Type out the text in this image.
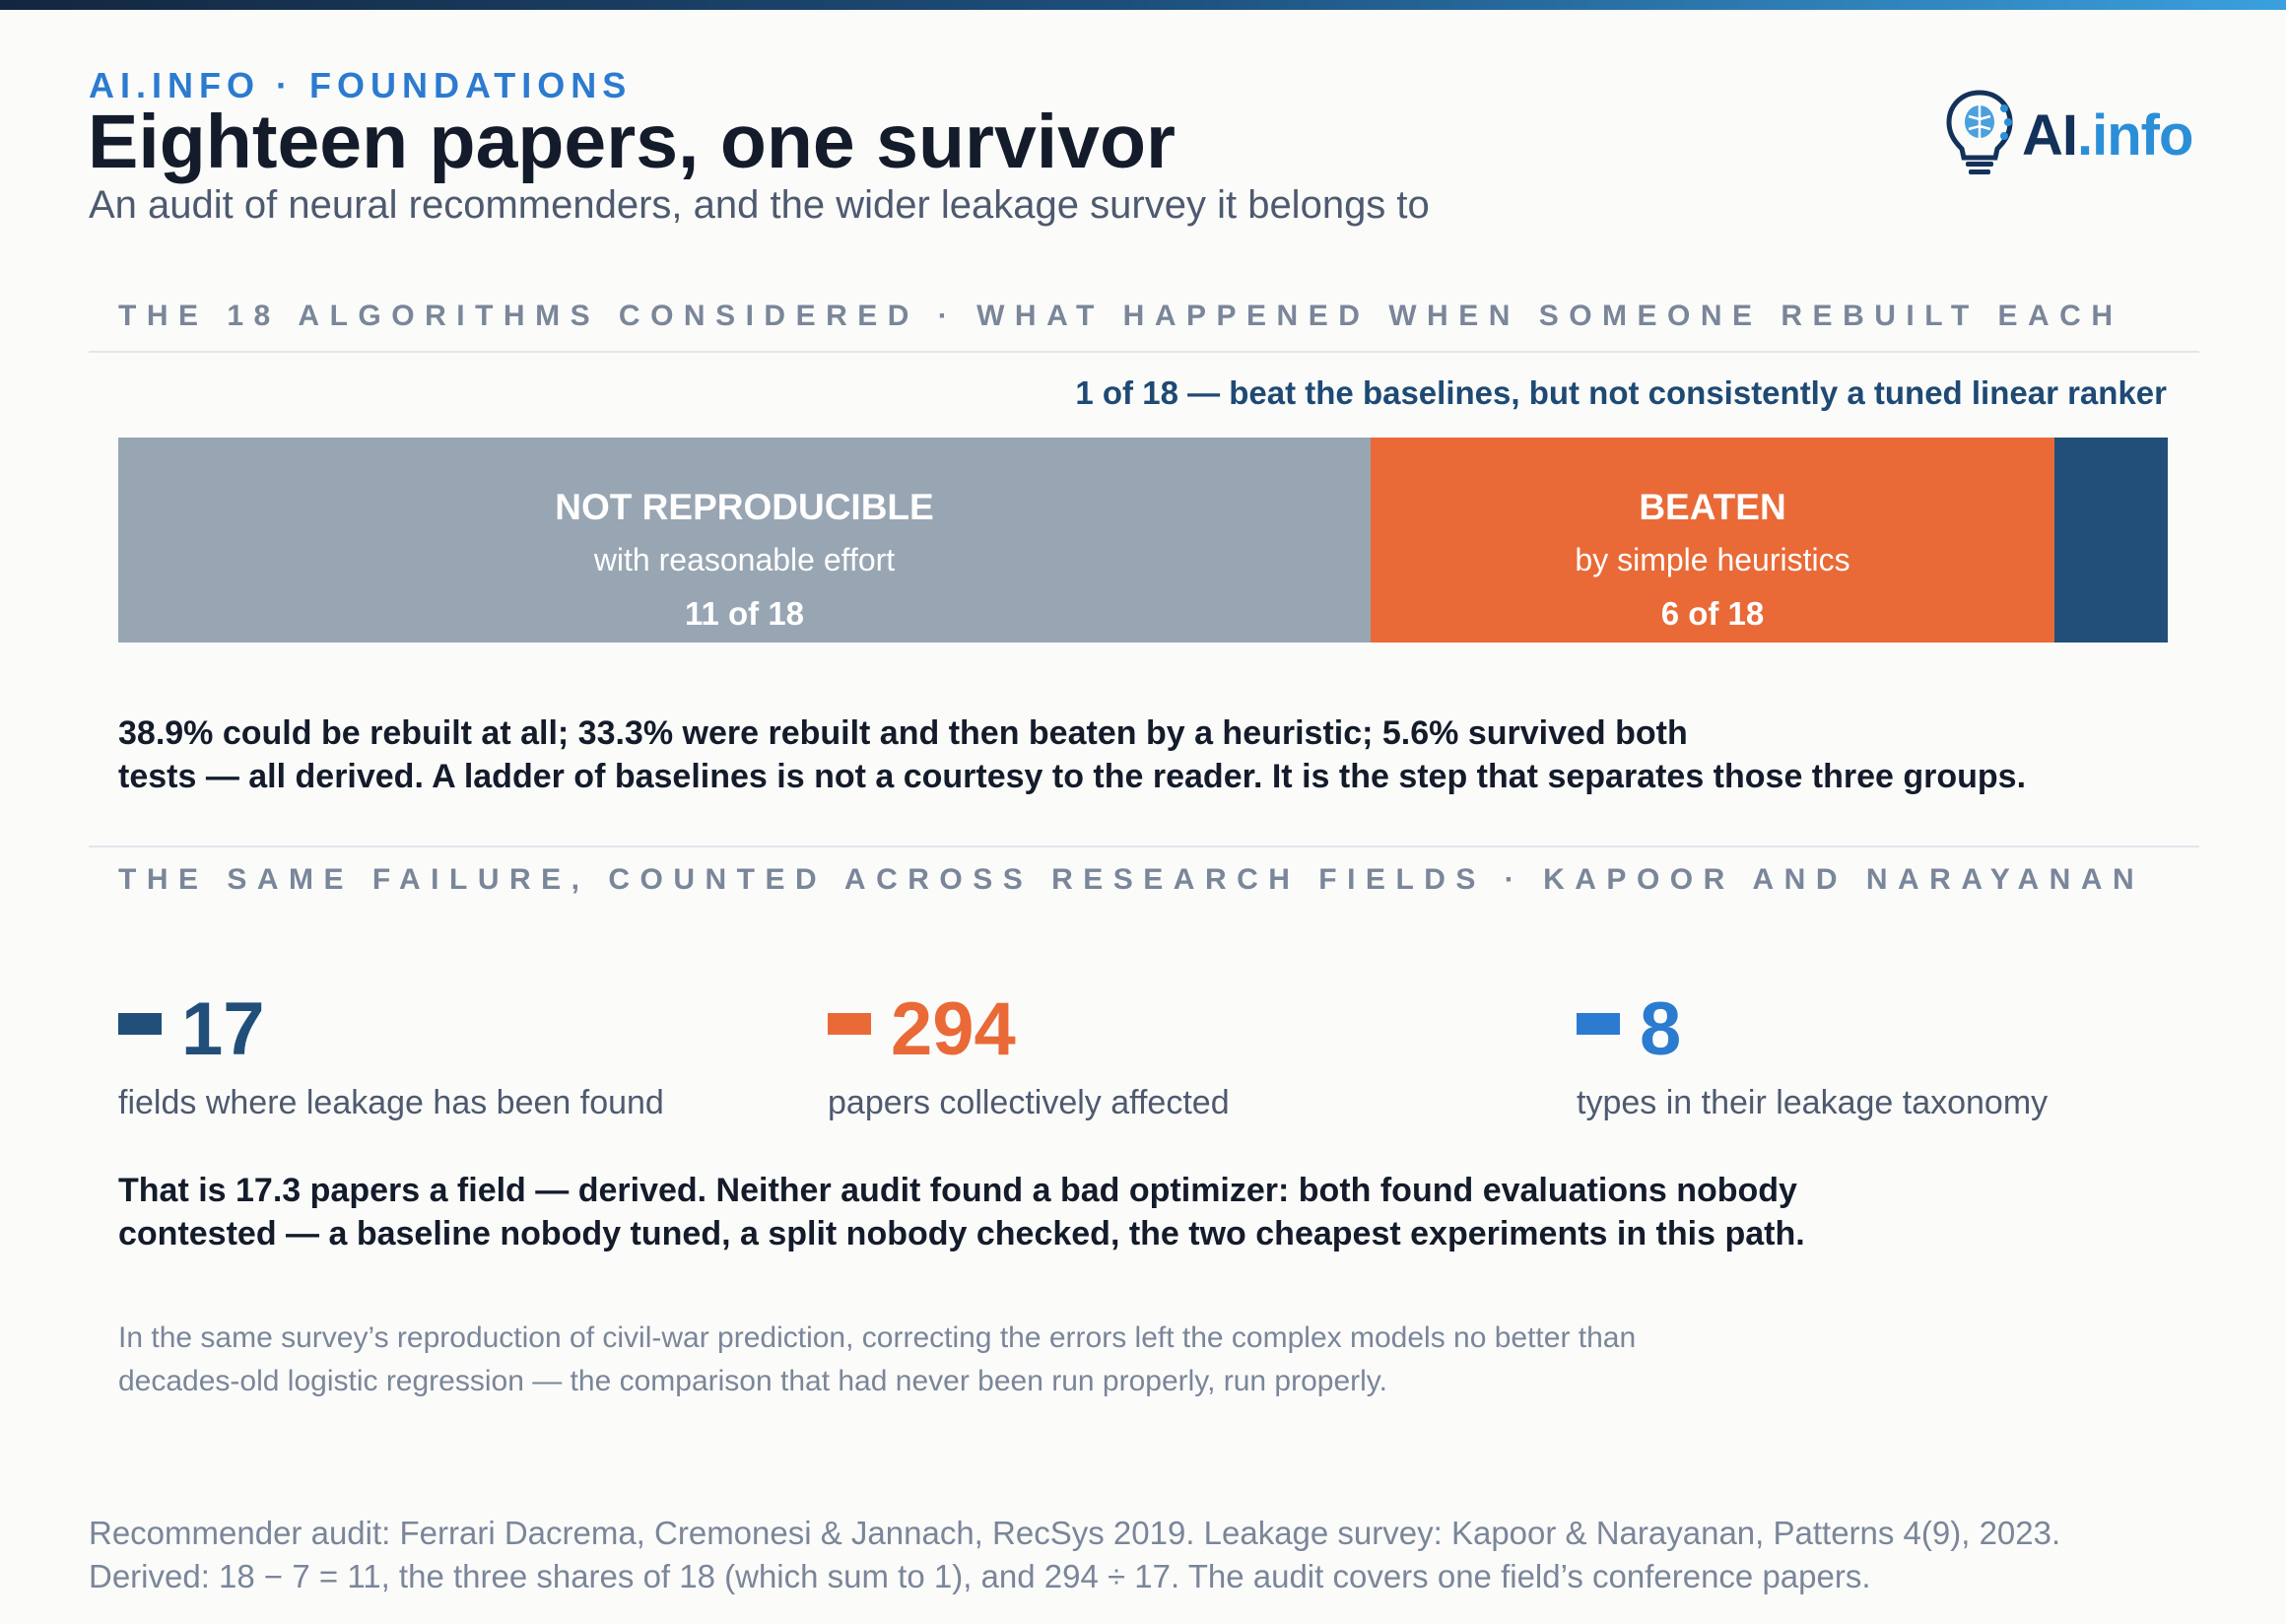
AI.INFO · FOUNDATIONS
Eighteen papers, one survivor
An audit of neural recommenders, and the wider leakage survey it belongs to
AI.info
THE 18 ALGORITHMS CONSIDERED · WHAT HAPPENED WHEN SOMEONE REBUILT EACH
1 of 18 — beat the baselines, but not consistently a tuned linear ranker
NOT REPRODUCIBLE
with reasonable effort
11 of 18
BEATEN
by simple heuristics
6 of 18
38.9% could be rebuilt at all; 33.3% were rebuilt and then beaten by a heuristic; 5.6% survived both
tests — all derived. A ladder of baselines is not a courtesy to the reader. It is the step that separates those three groups.
THE SAME FAILURE, COUNTED ACROSS RESEARCH FIELDS · KAPOOR AND NARAYANAN
17
fields where leakage has been found
294
papers collectively affected
8
types in their leakage taxonomy
That is 17.3 papers a field — derived. Neither audit found a bad optimizer: both found evaluations nobody
contested — a baseline nobody tuned, a split nobody checked, the two cheapest experiments in this path.
In the same survey’s reproduction of civil-war prediction, correcting the errors left the complex models no better than
decades-old logistic regression — the comparison that had never been run properly, run properly.
Recommender audit: Ferrari Dacrema, Cremonesi & Jannach, RecSys 2019. Leakage survey: Kapoor & Narayanan, Patterns 4(9), 2023.
Derived: 18 − 7 = 11, the three shares of 18 (which sum to 1), and 294 ÷ 17. The audit covers one field’s conference papers.
